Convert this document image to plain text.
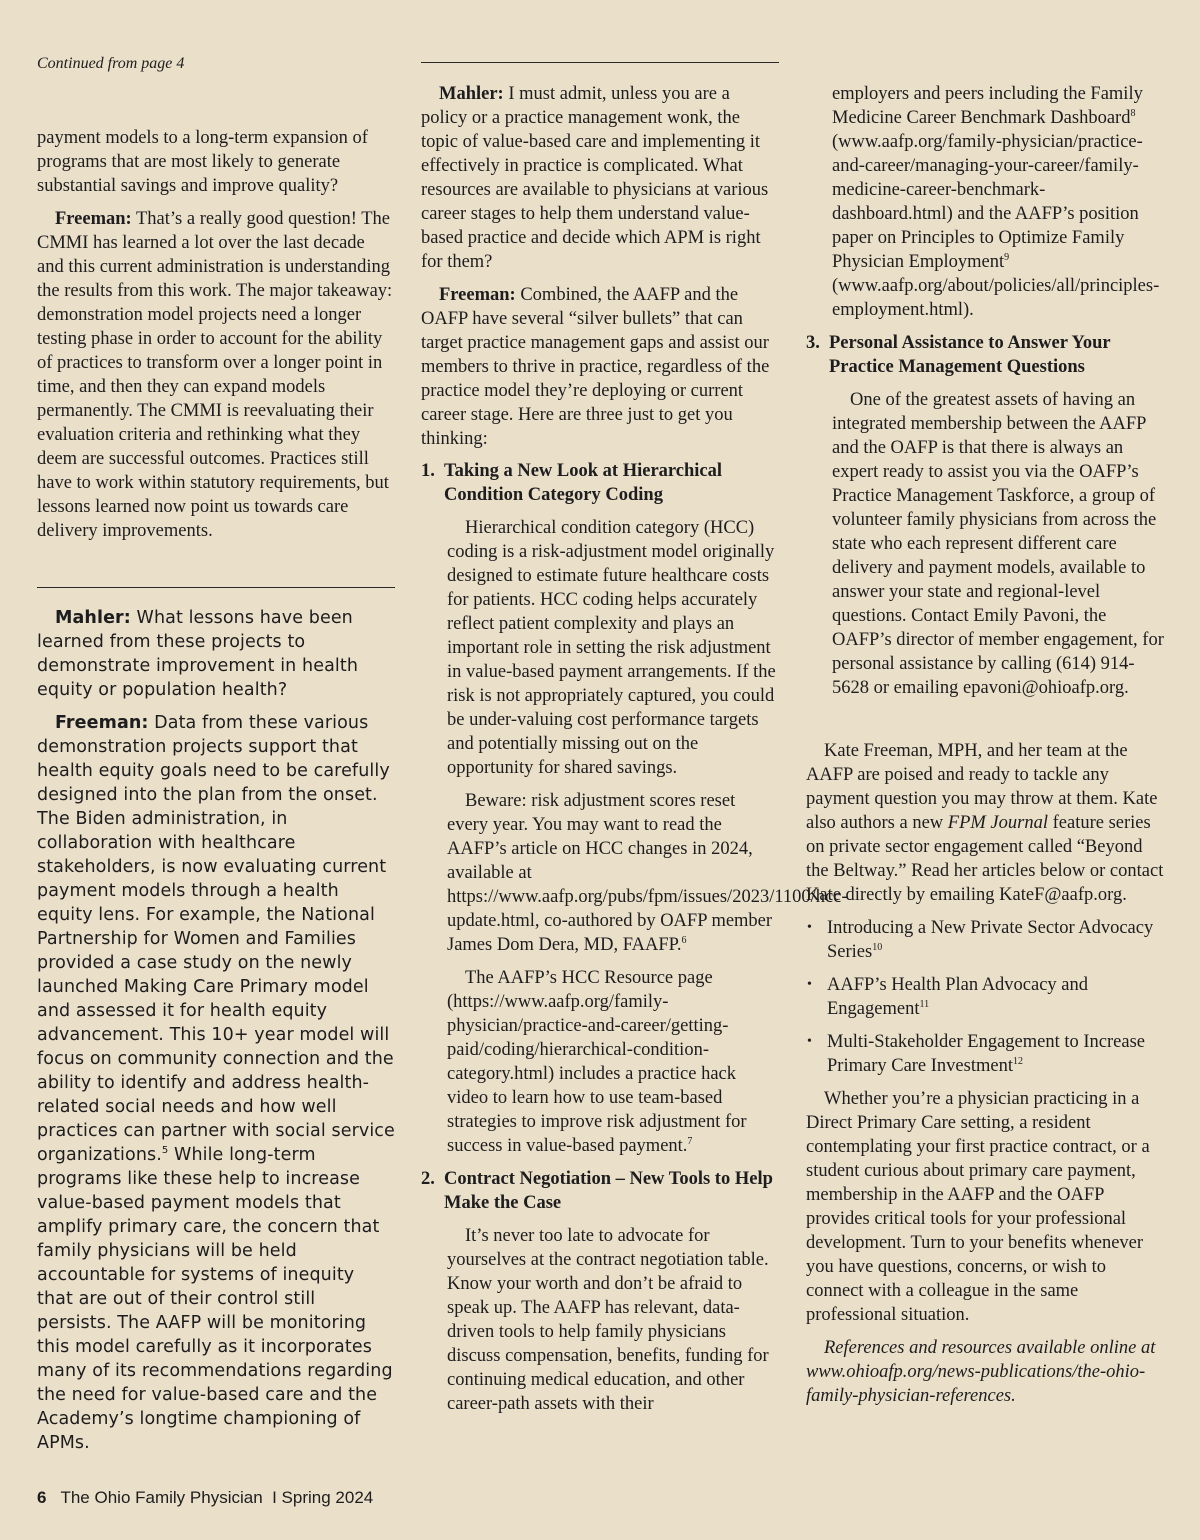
Continued from page 4

payment models to a long-term expansion of programs that are most likely to generate substantial savings and improve quality?

Freeman: That’s a really good question! The CMMI has learned a lot over the last decade and this current administration is understanding the results from this work. The major takeaway: demonstration model projects need a longer testing phase in order to account for the ability of practices to transform over a longer point in time, and then they can expand models permanently. The CMMI is reevaluating their evaluation criteria and rethinking what they deem are successful outcomes. Practices still have to work within statutory requirements, but lessons learned now point us towards care delivery improvements.

Mahler: What lessons have been learned from these projects to demonstrate improvement in health equity or population health?

Freeman: Data from these various demonstration projects support that health equity goals need to be carefully designed into the plan from the onset. The Biden administration, in collaboration with healthcare stakeholders, is now evaluating current payment models through a health equity lens. For example, the National Partnership for Women and Families provided a case study on the newly launched Making Care Primary model and assessed it for health equity advancement. This 10+ year model will focus on community connection and the ability to identify and address health-related social needs and how well practices can partner with social service organizations.$^5$ While long-term programs like these help to increase value-based payment models that amplify primary care, the concern that family physicians will be held accountable for systems of inequity that are out of their control still persists. The AAFP will be monitoring this model carefully as it incorporates many of its recommendations regarding the need for value-based care and the Academy’s longtime championing of APMs.

Mahler: I must admit, unless you are a policy or a practice management wonk, the topic of value-based care and implementing it effectively in practice is complicated. What resources are available to physicians at various career stages to help them understand value-based practice and decide which APM is right for them?

Freeman: Combined, the AAFP and the OAFP have several “silver bullets” that can target practice management gaps and assist our members to thrive in practice, regardless of the practice model they’re deploying or current career stage. Here are three just to get you thinking:

1. Taking a New Look at Hierarchical Condition Category Coding

Hierarchical condition category (HCC) coding is a risk-adjustment model originally designed to estimate future healthcare costs for patients. HCC coding helps accurately reflect patient complexity and plays an important role in setting the risk adjustment in value-based payment arrangements. If the risk is not appropriately captured, you could be under-valuing cost performance targets and potentially missing out on the opportunity for shared savings.

Beware: risk adjustment scores reset every year. You may want to read the AAFP’s article on HCC changes in 2024, available at https://www.aafp.org/pubs/fpm/issues/2023/1100/hcc-update.html, co-authored by OAFP member James Dom Dera, MD, FAAFP.$^6$

The AAFP’s HCC Resource page (https://www.aafp.org/family-physician/practice-and-career/getting-paid/coding/hierarchical-condition-category.html) includes a practice hack video to learn how to use team-based strategies to improve risk adjustment for success in value-based payment.$^7$

2. Contract Negotiation – New Tools to Help Make the Case

It’s never too late to advocate for yourselves at the contract negotiation table. Know your worth and don’t be afraid to speak up. The AAFP has relevant, data-driven tools to help family physicians discuss compensation, benefits, funding for continuing medical education, and other career-path assets with their

employers and peers including the Family Medicine Career Benchmark Dashboard$^8$ (www.aafp.org/family-physician/practice-and-career/managing-your-career/family-medicine-career-benchmark-dashboard.html) and the AAFP’s position paper on Principles to Optimize Family Physician Employment$^9$ (www.aafp.org/about/policies/all/principles-employment.html).

3. Personal Assistance to Answer Your Practice Management Questions

One of the greatest assets of having an integrated membership between the AAFP and the OAFP is that there is always an expert ready to assist you via the OAFP’s Practice Management Taskforce, a group of volunteer family physicians from across the state who each represent different care delivery and payment models, available to answer your state and regional-level questions. Contact Emily Pavoni, the OAFP’s director of member engagement, for personal assistance by calling (614) 914-5628 or emailing epavoni@ohioafp.org.

Kate Freeman, MPH, and her team at the AAFP are poised and ready to tackle any payment question you may throw at them. Kate also authors a new FPM Journal feature series on private sector engagement called “Beyond the Beltway.” Read her articles below or contact Kate directly by emailing KateF@aafp.org.

• Introducing a New Private Sector Advocacy Series$^{10}$
• AAFP’s Health Plan Advocacy and Engagement$^{11}$
• Multi-Stakeholder Engagement to Increase Primary Care Investment$^{12}$

Whether you’re a physician practicing in a Direct Primary Care setting, a resident contemplating your first practice contract, or a student curious about primary care payment, membership in the AAFP and the OAFP provides critical tools for your professional development. Turn to your benefits whenever you have questions, concerns, or wish to connect with a colleague in the same professional situation.

References and resources available online at www.ohioafp.org/news-publications/the-ohio-family-physician-references.

6 The Ohio Family Physician  I Spring 2024
